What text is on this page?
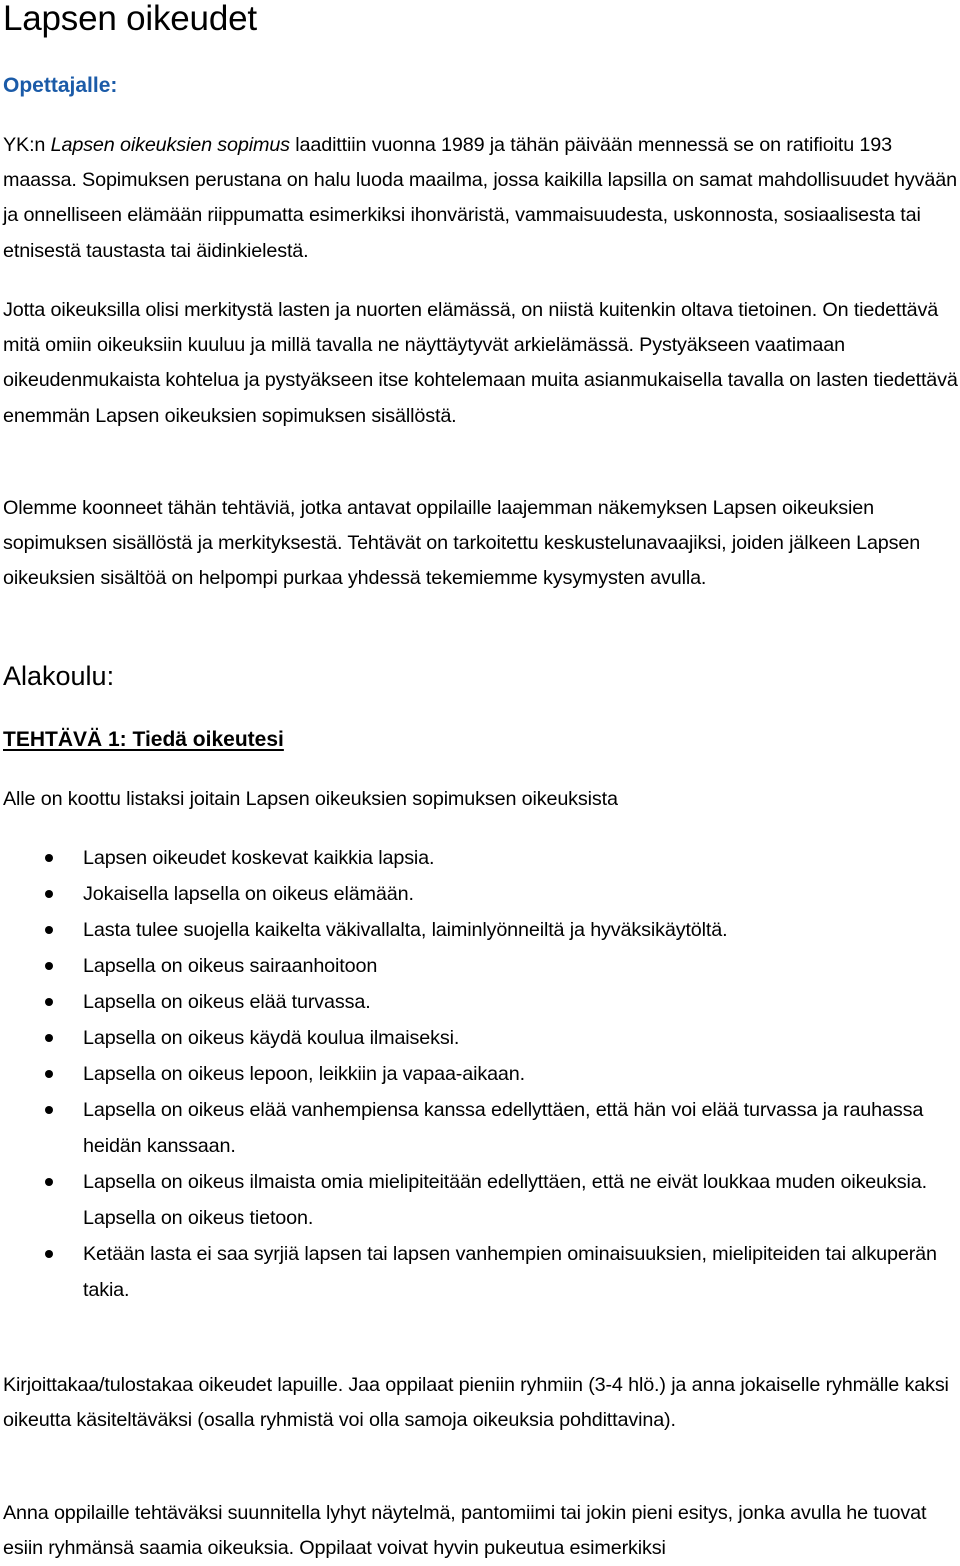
Lapsen oikeudet
Opettajalle:

YK:n Lapsen oikeuksien sopimus laadittiin vuonna 1989 ja tähän päivään mennessä se on ratifioitu 193 maassa. Sopimuksen perustana on halu luoda maailma, jossa kaikilla lapsilla on samat mahdollisuudet hyvään ja onnelliseen elämään riippumatta esimerkiksi ihonväristä, vammaisuudesta, uskonnosta, sosiaalisesta tai etnisestä taustasta tai äidinkielestä.

Jotta oikeuksilla olisi merkitystä lasten ja nuorten elämässä, on niistä kuitenkin oltava tietoinen. On tiedettävä mitä omiin oikeuksiin kuuluu ja millä tavalla ne näyttäytyvät arkielämässä. Pystyäkseen vaatimaan oikeudenmukaista kohtelua ja pystyäkseen itse kohtelemaan muita asianmukaisella tavalla on lasten tiedettävä enemmän Lapsen oikeuksien sopimuksen sisällöstä.

Olemme koonneet tähän tehtäviä, jotka antavat oppilaille laajemman näkemyksen Lapsen oikeuksien sopimuksen sisällöstä ja merkityksestä. Tehtävät on tarkoitettu keskustelunavaajiksi, joiden jälkeen Lapsen oikeuksien sisältöä on helpompi purkaa yhdessä tekemiemme kysymysten avulla.

Alakoulu:
TEHTÄVÄ 1: Tiedä oikeutesi

Alle on koottu listaksi joitain Lapsen oikeuksien sopimuksen oikeuksista

Lapsen oikeudet koskevat kaikkia lapsia.
Jokaisella lapsella on oikeus elämään.
Lasta tulee suojella kaikelta väkivallalta, laiminlyönneiltä ja hyväksikäytöltä.
Lapsella on oikeus sairaanhoitoon
Lapsella on oikeus elää turvassa.
Lapsella on oikeus käydä koulua ilmaiseksi.
Lapsella on oikeus lepoon, leikkiin ja vapaa-aikaan.
Lapsella on oikeus elää vanhempiensa kanssa edellyttäen, että hän voi elää turvassa ja rauhassa heidän kanssaan.
Lapsella on oikeus ilmaista omia mielipiteitään edellyttäen, että ne eivät loukkaa muden oikeuksia. Lapsella on oikeus tietoon.
Ketään lasta ei saa syrjiä lapsen tai lapsen vanhempien ominaisuuksien, mielipiteiden tai alkuperän takia.

Kirjoittakaa/tulostakaa oikeudet lapuille. Jaa oppilaat pieniin ryhmiin (3-4 hlö.) ja anna jokaiselle ryhmälle kaksi oikeutta käsiteltäväksi (osalla ryhmistä voi olla samoja oikeuksia pohdittavina).

Anna oppilaille tehtäväksi suunnitella lyhyt näytelmä, pantomiimi tai jokin pieni esitys, jonka avulla he tuovat esiin ryhmänsä saamia oikeuksia. Oppilaat voivat hyvin pukeutua esimerkiksi
